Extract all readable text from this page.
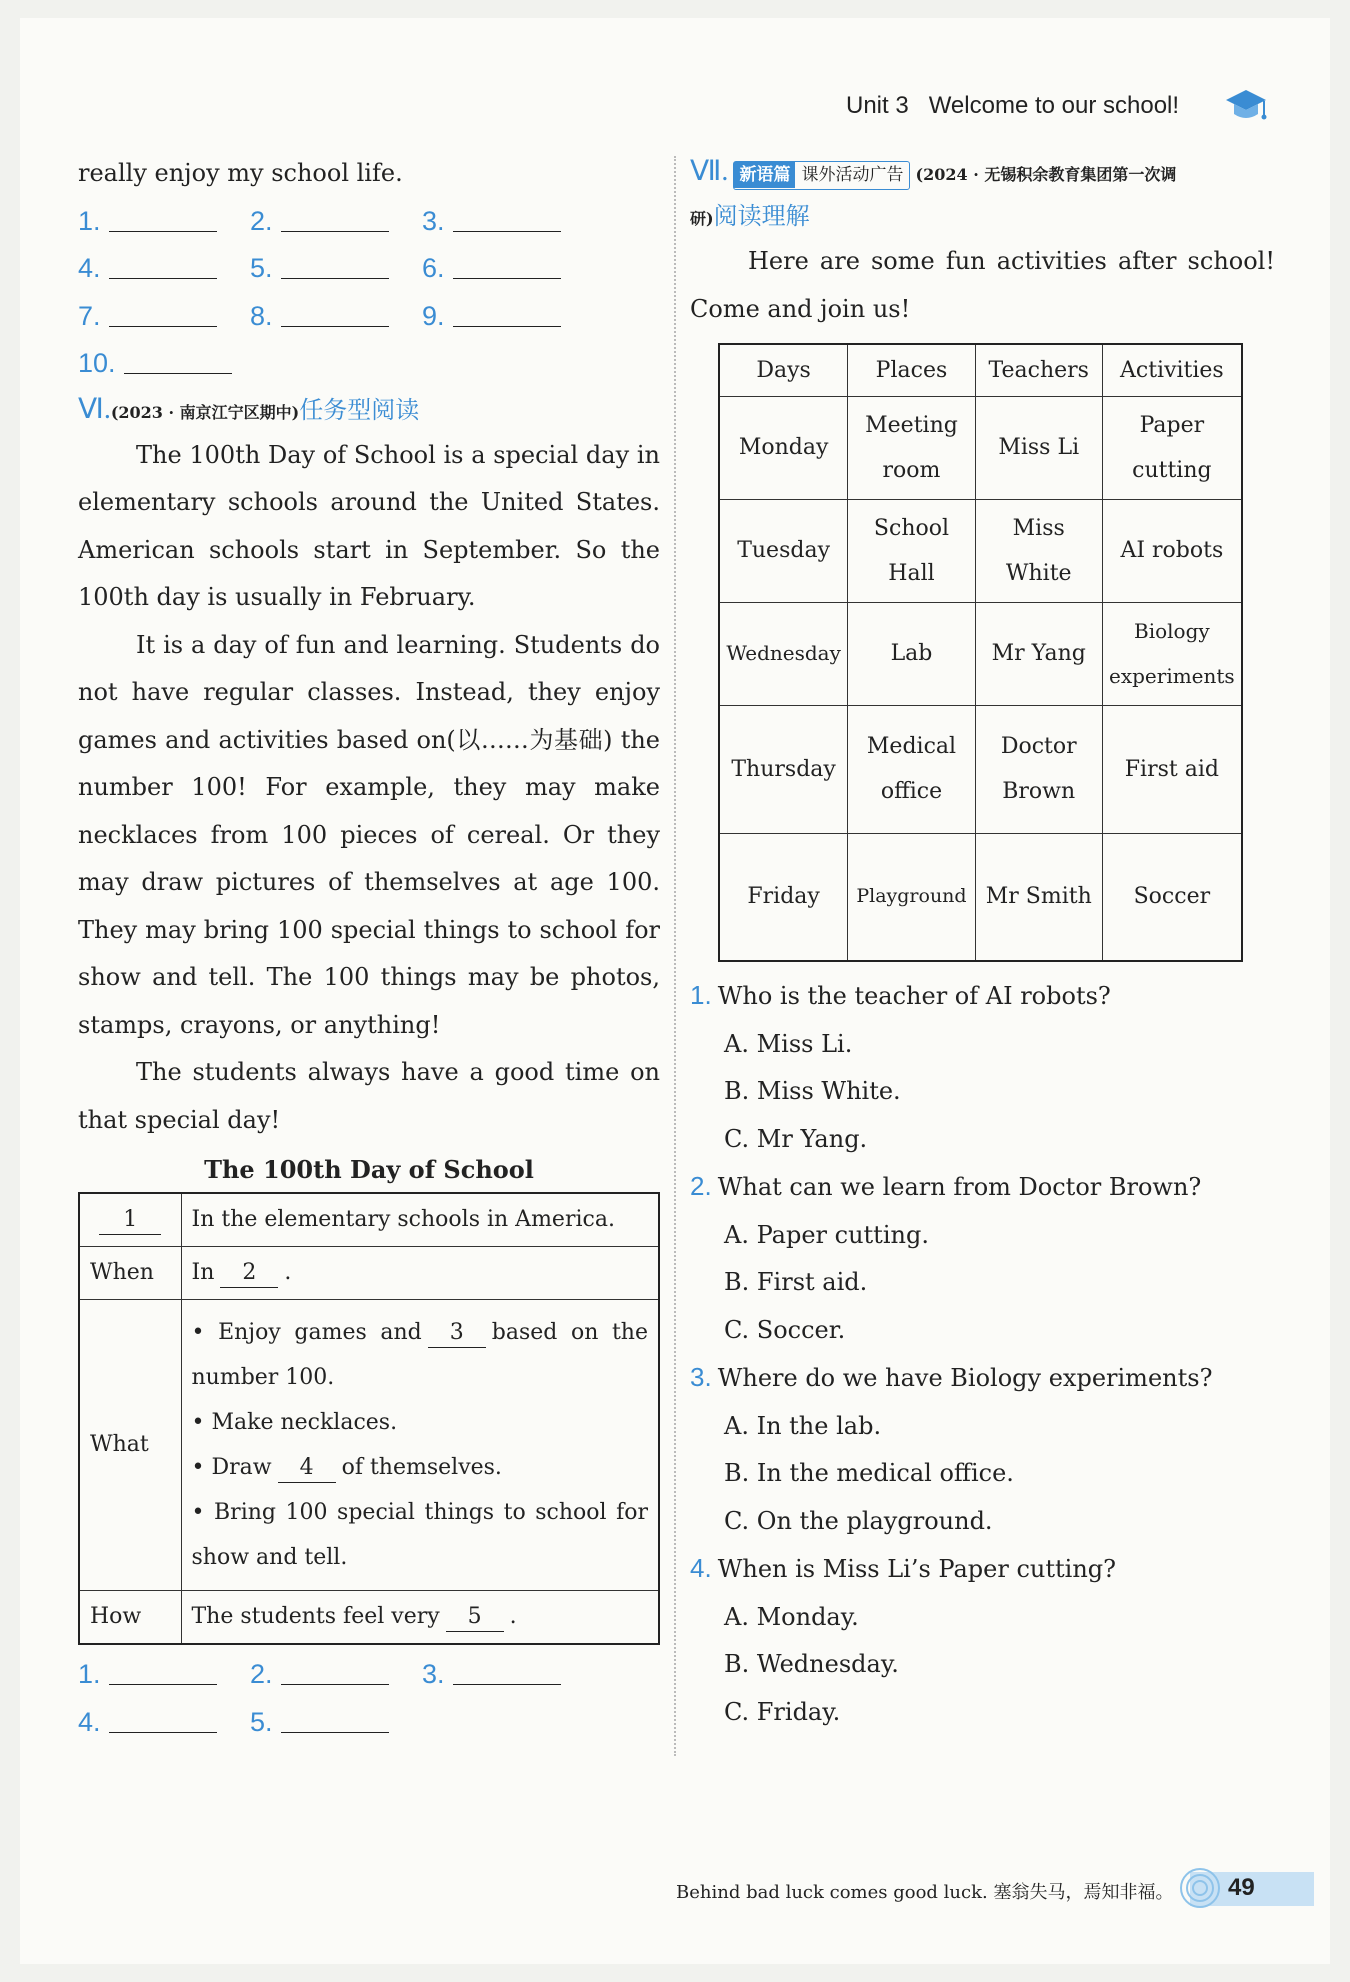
Unit 3 Welcome to our school!
really enjoy my school life.
1.	2.	3.
4.	5.	6.
7.	8.	9.
10.
Ⅵ.(2023 · 南京江宁区期中)任务型阅读
The 100th Day of School is a special day in elementary schools around the United States. American schools start in September. So the 100th day is usually in February.
It is a day of fun and learning. Students do not have regular classes. Instead, they enjoy games and activities based on(以……为基础) the number 100! For example, they may make necklaces from 100 pieces of cereal. Or they may draw pictures of themselves at age 100. They may bring 100 special things to school for show and tell. The 100 things may be photos, stamps, crayons, or anything!
The students always have a good time on that special day!
The 100th Day of School
1	In the elementary schools in America.
When	In 2 .
What	• Enjoy games and 3 based on the number 100.
• Make necklaces.
• Draw 4 of themselves.
• Bring 100 special things to school for show and tell.

How	The students feel very 5 .
1.	2.	3.
4.	5.
Ⅶ. 新语篇 课外活动广告 (2024 · 无锡积余教育集团第一次调
研)阅读理解
Here are some fun activities after school! Come and join us!
Days	Places	Teachers	Activities
Monday	Meeting room	Miss Li	Paper cutting
Tuesday	School Hall	Miss White	AI robots
Wednesday	Lab	Mr Yang	Biology experiments
Thursday	Medical office	Doctor Brown	First aid
Friday	Playground	Mr Smith	Soccer
1. Who is the teacher of AI robots?
A. Miss Li.
B. Miss White.
C. Mr Yang.
2. What can we learn from Doctor Brown?
A. Paper cutting.
B. First aid.
C. Soccer.
3. Where do we have Biology experiments?
A. In the lab.
B. In the medical office.
C. On the playground.
4. When is Miss Li’s Paper cutting?
A. Monday.
B. Wednesday.
C. Friday.
Behind bad luck comes good luck. 塞翁失马，焉知非福。 49
